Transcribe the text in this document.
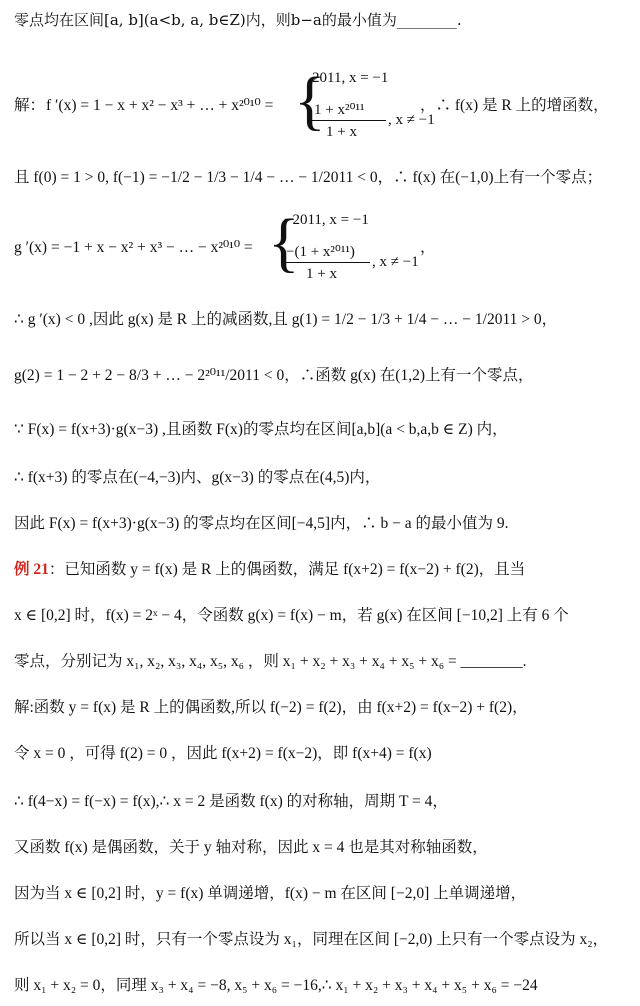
零点均在区间[a, b](a<b, a, b∈Z)内，则b−a的最小值为________.
解： f ′(x) = 1 − x + x² − x³ + … + x²⁰¹⁰ = {
2011, x = −1
1 + x²⁰¹¹
1 + x
, x ≠ −1
，∴ f(x) 是 R 上的增函数，
且 f(0) = 1 > 0, f(−1) = −1/2 − 1/3 − 1/4 − … − 1/2011 < 0，∴ f(x) 在(−1,0)上有一个零点；
g ′(x) = −1 + x − x² + x³ − … − x²⁰¹⁰ = {
−2011, x = −1
−(1 + x²⁰¹¹)
1 + x
, x ≠ −1
，
∴ g ′(x) < 0 ,因此 g(x) 是 R 上的减函数,且 g(1) = 1/2 − 1/3 + 1/4 − … − 1/2011 > 0，
g(2) = 1 − 2 + 2 − 8/3 + … − 2²⁰¹¹/2011 < 0，∴函数 g(x) 在(1,2)上有一个零点，
∵ F(x) = f(x+3)·g(x−3) ,且函数 F(x)的零点均在区间[a,b](a < b,a,b ∈ Z) 内，
∴ f(x+3) 的零点在(−4,−3)内、g(x−3) 的零点在(4,5)内，
因此 F(x) = f(x+3)·g(x−3) 的零点均在区间[−4,5]内，∴ b − a 的最小值为 9.
例 21：已知函数 y = f(x) 是 R 上的偶函数，满足 f(x+2) = f(x−2) + f(2)，且当
x ∈ [0,2] 时，f(x) = 2ˣ − 4，令函数 g(x) = f(x) − m，若 g(x) 在区间 [−10,2] 上有 6 个
零点，分别记为 x₁, x₂, x₃, x₄, x₅, x₆ ，则 x₁ + x₂ + x₃ + x₄ + x₅ + x₆ = ________.
解:函数 y = f(x) 是 R 上的偶函数,所以 f(−2) = f(2)，由 f(x+2) = f(x−2) + f(2)，
令 x = 0 ，可得 f(2) = 0 ，因此 f(x+2) = f(x−2)，即 f(x+4) = f(x)
∴ f(4−x) = f(−x) = f(x),∴ x = 2 是函数 f(x) 的对称轴，周期 T = 4，
又函数 f(x) 是偶函数，关于 y 轴对称，因此 x = 4 也是其对称轴函数，
因为当 x ∈ [0,2] 时，y = f(x) 单调递增，f(x) − m 在区间 [−2,0] 上单调递增，
所以当 x ∈ [0,2] 时，只有一个零点设为 x₁，同理在区间 [−2,0) 上只有一个零点设为 x₂，
则 x₁ + x₂ = 0，同理 x₃ + x₄ = −8, x₅ + x₆ = −16,∴ x₁ + x₂ + x₃ + x₄ + x₅ + x₆ = −24
